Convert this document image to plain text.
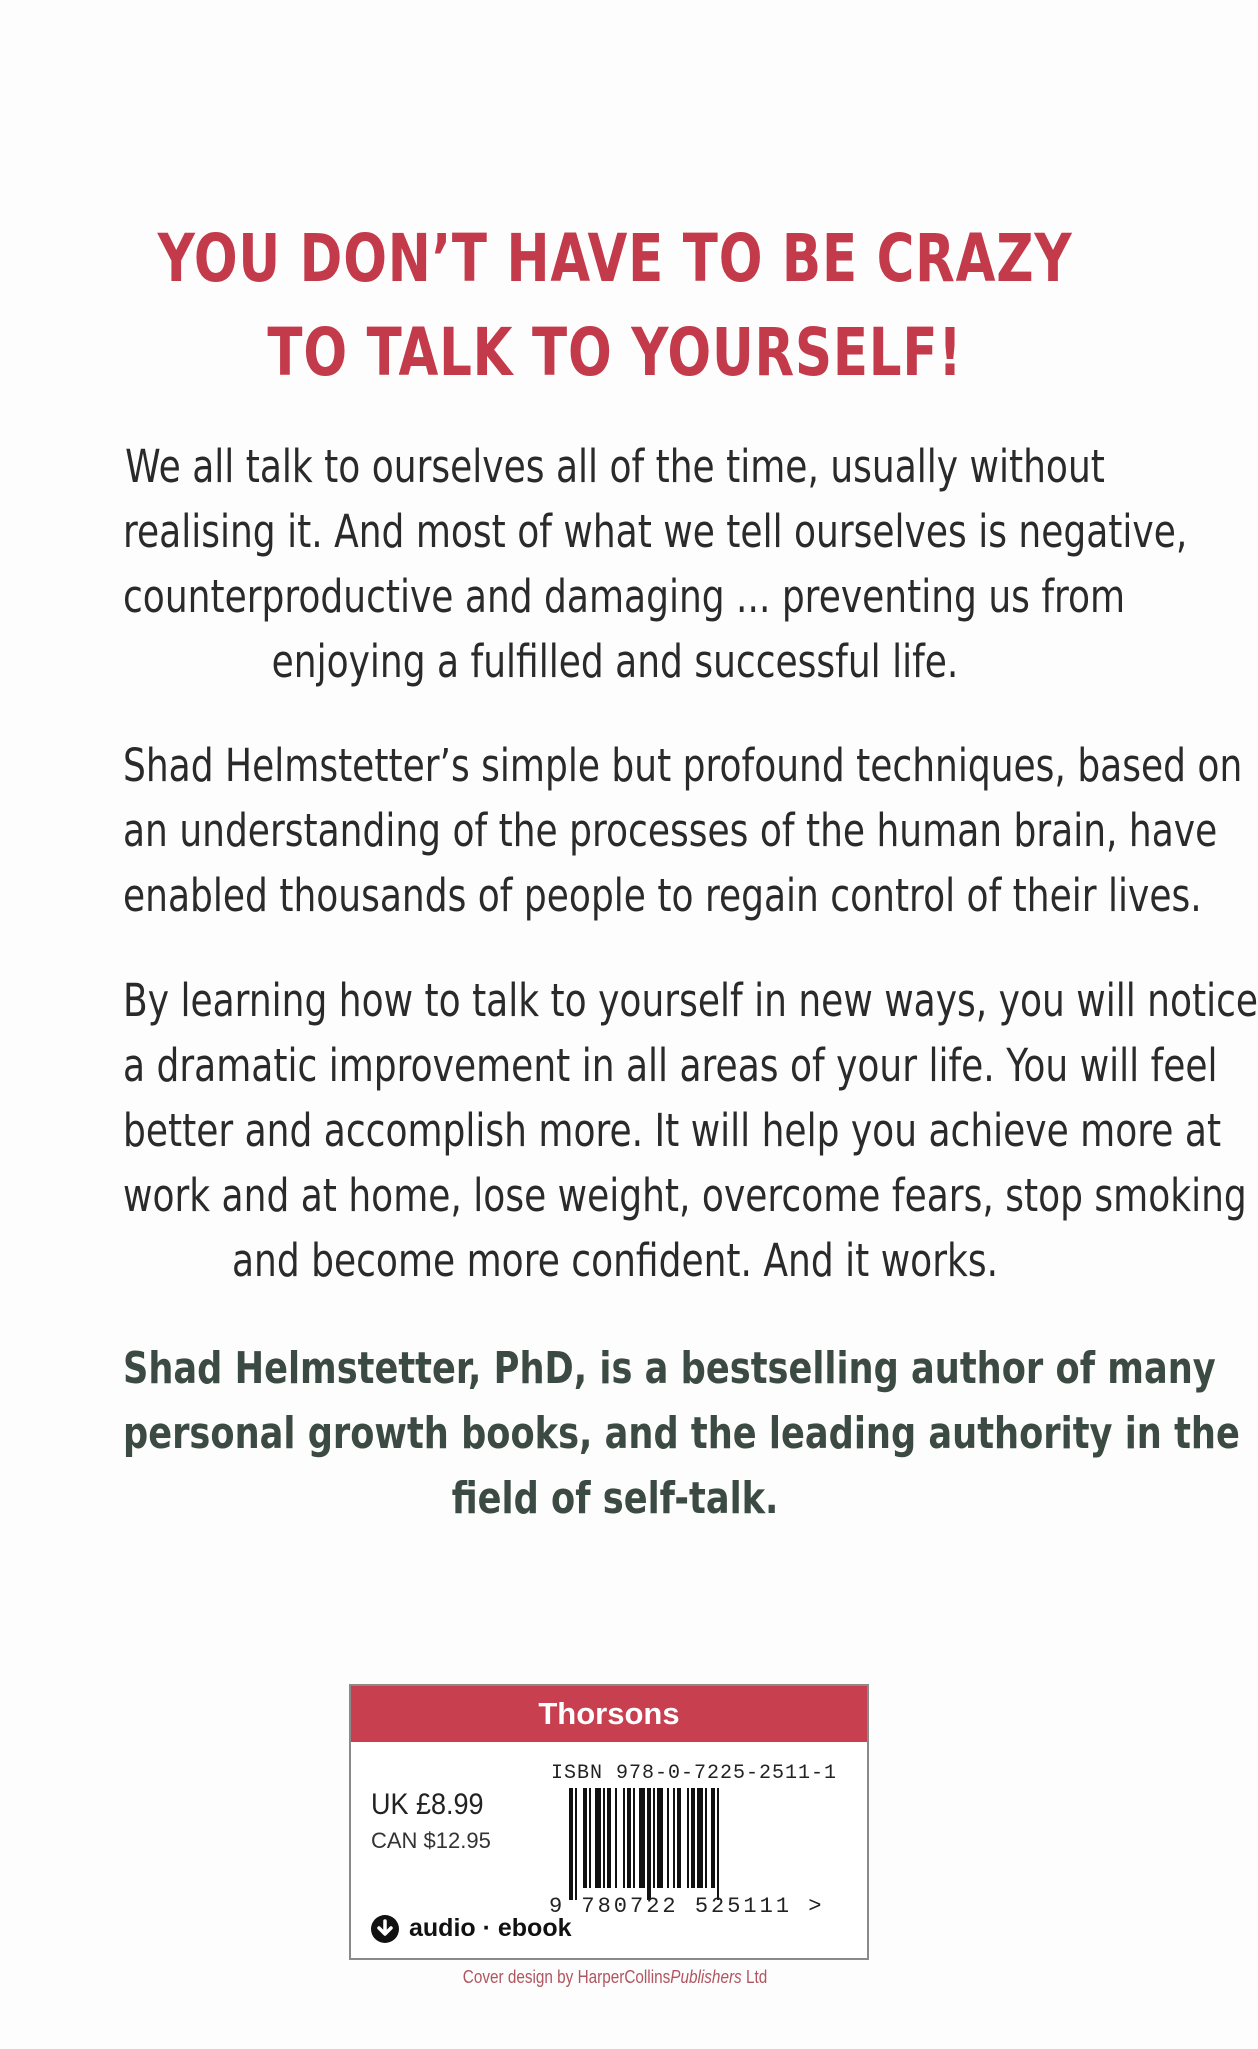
YOU DON’T HAVE TO BE CRAZY
TO TALK TO YOURSELF!
We all talk to ourselves all of the time, usually without
realising it. And most of what we tell ourselves is negative,
counterproductive and damaging ... preventing us from
enjoying a fulfilled and successful life.
Shad Helmstetter’s simple but profound techniques, based on
an understanding of the processes of the human brain, have
enabled thousands of people to regain control of their lives.
By learning how to talk to yourself in new ways, you will notice
a dramatic improvement in all areas of your life. You will feel
better and accomplish more. It will help you achieve more at
work and at home, lose weight, overcome fears, stop smoking
and become more confident. And it works.
Shad Helmstetter, PhD, is a bestselling author of many
personal growth books, and the leading authority in the
field of self-talk.
Thorsons
ISBN 978-0-7225-2511-1
UK £8.99
CAN $12.95
9 780722 525111 >
audio · ebook
Cover design by HarperCollinsPublishers Ltd
